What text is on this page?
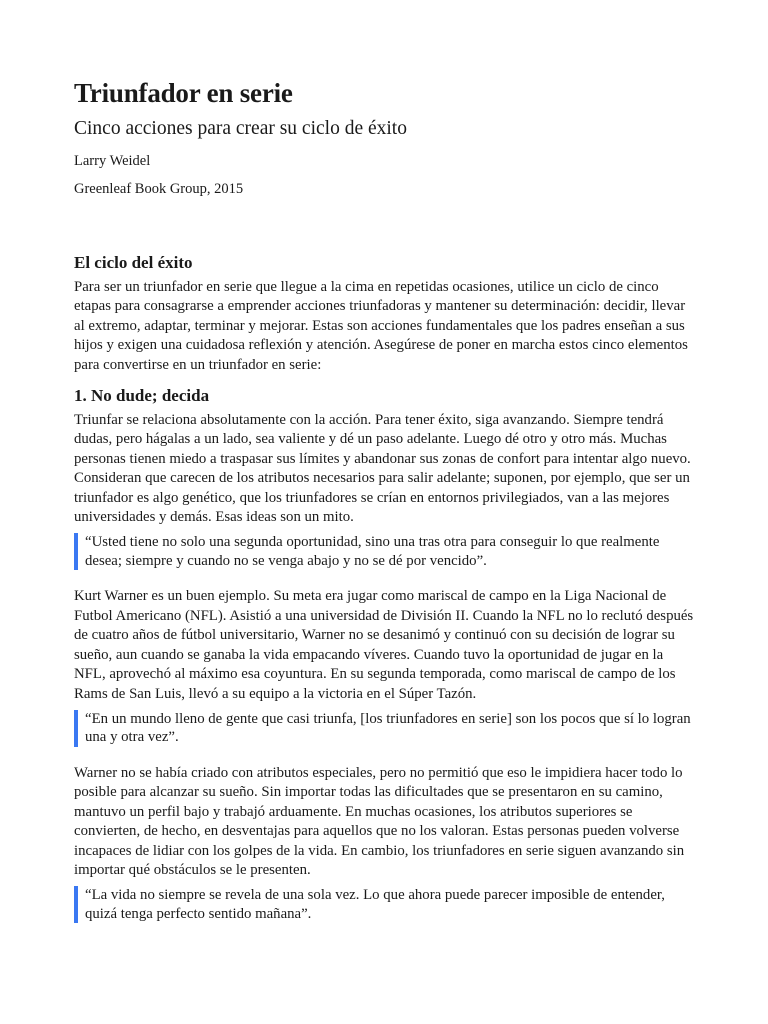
Triunfador en serie
Cinco acciones para crear su ciclo de éxito

Larry Weidel

Greenleaf Book Group, 2015

El ciclo del éxito

Para ser un triunfador en serie que llegue a la cima en repetidas ocasiones, utilice un ciclo de cinco etapas para consagrarse a emprender acciones triunfadoras y mantener su determinación: decidir, llevar al extremo, adaptar, terminar y mejorar. Estas son acciones fundamentales que los padres enseñan a sus hijos y exigen una cuidadosa reflexión y atención. Asegúrese de poner en marcha estos cinco elementos para convertirse en un triunfador en serie:

1. No dude; decida

Triunfar se relaciona absolutamente con la acción. Para tener éxito, siga avanzando. Siempre tendrá dudas, pero hágalas a un lado, sea valiente y dé un paso adelante. Luego dé otro y otro más. Muchas personas tienen miedo a traspasar sus límites y abandonar sus zonas de confort para intentar algo nuevo. Consideran que carecen de los atributos necesarios para salir adelante; suponen, por ejemplo, que ser un triunfador es algo genético, que los triunfadores se crían en entornos privilegiados, van a las mejores universidades y demás. Esas ideas son un mito.

“Usted tiene no solo una segunda oportunidad, sino una tras otra para conseguir lo que realmente desea; siempre y cuando no se venga abajo y no se dé por vencido”.

Kurt Warner es un buen ejemplo. Su meta era jugar como mariscal de campo en la Liga Nacional de Futbol Americano (NFL). Asistió a una universidad de División II. Cuando la NFL no lo reclutó después de cuatro años de fútbol universitario, Warner no se desanimó y continuó con su decisión de lograr su sueño, aun cuando se ganaba la vida empacando víveres. Cuando tuvo la oportunidad de jugar en la NFL, aprovechó al máximo esa coyuntura. En su segunda temporada, como mariscal de campo de los Rams de San Luis, llevó a su equipo a la victoria en el Súper Tazón.

“En un mundo lleno de gente que casi triunfa, [los triunfadores en serie] son los pocos que sí lo logran una y otra vez”.

Warner no se había criado con atributos especiales, pero no permitió que eso le impidiera hacer todo lo posible para alcanzar su sueño. Sin importar todas las dificultades que se presentaron en su camino, mantuvo un perfil bajo y trabajó arduamente. En muchas ocasiones, los atributos superiores se convierten, de hecho, en desventajas para aquellos que no los valoran. Estas personas pueden volverse incapaces de lidiar con los golpes de la vida. En cambio, los triunfadores en serie siguen avanzando sin importar qué obstáculos se le presenten.

“La vida no siempre se revela de una sola vez. Lo que ahora puede parecer imposible de entender, quizá tenga perfecto sentido mañana”.
